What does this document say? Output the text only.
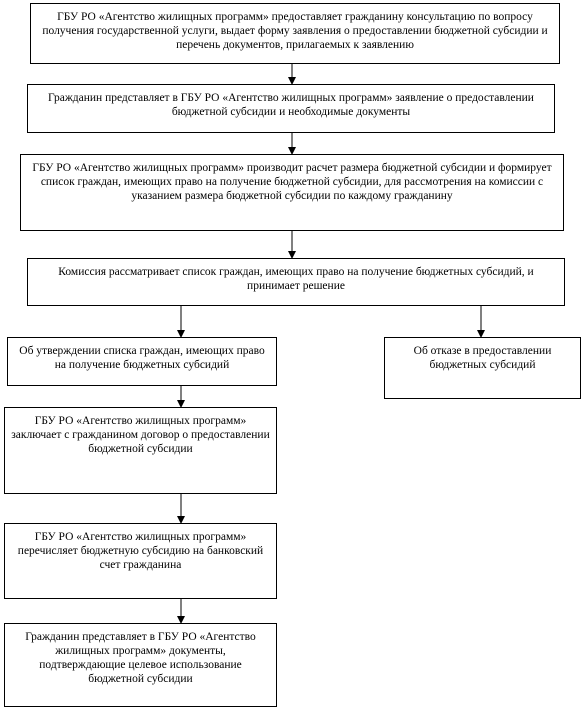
ГБУ РО «Агентство жилищных программ» предоставляет гражданину консультацию по вопросу получения государственной услуги, выдает форму заявления о предоставлении бюджетной субсидии и перечень документов, прилагаемых к заявлению
Гражданин представляет в ГБУ РО «Агентство жилищных программ» заявление о предоставлении бюджетной субсидии и необходимые документы
ГБУ РО «Агентство жилищных программ» производит расчет размера бюджетной субсидии и формирует список граждан, имеющих право на получение бюджетной субсидии, для рассмотрения на комиссии с указанием размера бюджетной субсидии по каждому гражданину
Комиссия рассматривает список граждан, имеющих право на получение бюджетных субсидий, и принимает решение
Об утверждении списка граждан, имеющих право на получение бюджетных субсидий
Об отказе в предоставлении бюджетных субсидий
ГБУ РО «Агентство жилищных программ» заключает с гражданином договор о предоставлении бюджетной субсидии
ГБУ РО «Агентство жилищных программ» перечисляет бюджетную субсидию на банковский счет гражданина
Гражданин представляет в ГБУ РО «Агентство жилищных программ» документы, подтверждающие целевое использование бюджетной субсидии
